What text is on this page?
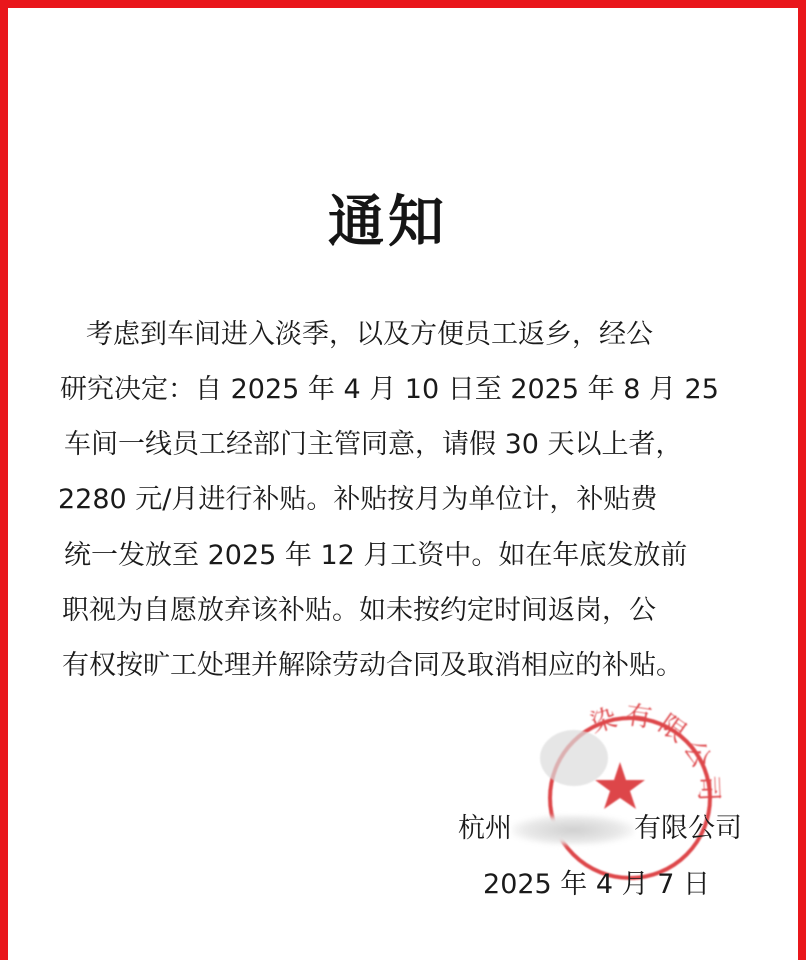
通知
考虑到车间进入淡季，以及方便员工返乡，经公
研究决定：自 2025 年 4 月 10 日至 2025 年 8 月 25
车间一线员工经部门主管同意，请假 30 天以上者，
2280 元/月进行补贴。补贴按月为单位计，补贴费
统一发放至 2025 年 12 月工资中。如在年底发放前
职视为自愿放弃该补贴。如未按约定时间返岗，公
有权按旷工处理并解除劳动合同及取消相应的补贴。
染有限公司
杭州	有限公司
2025 年 4 月 7 日
